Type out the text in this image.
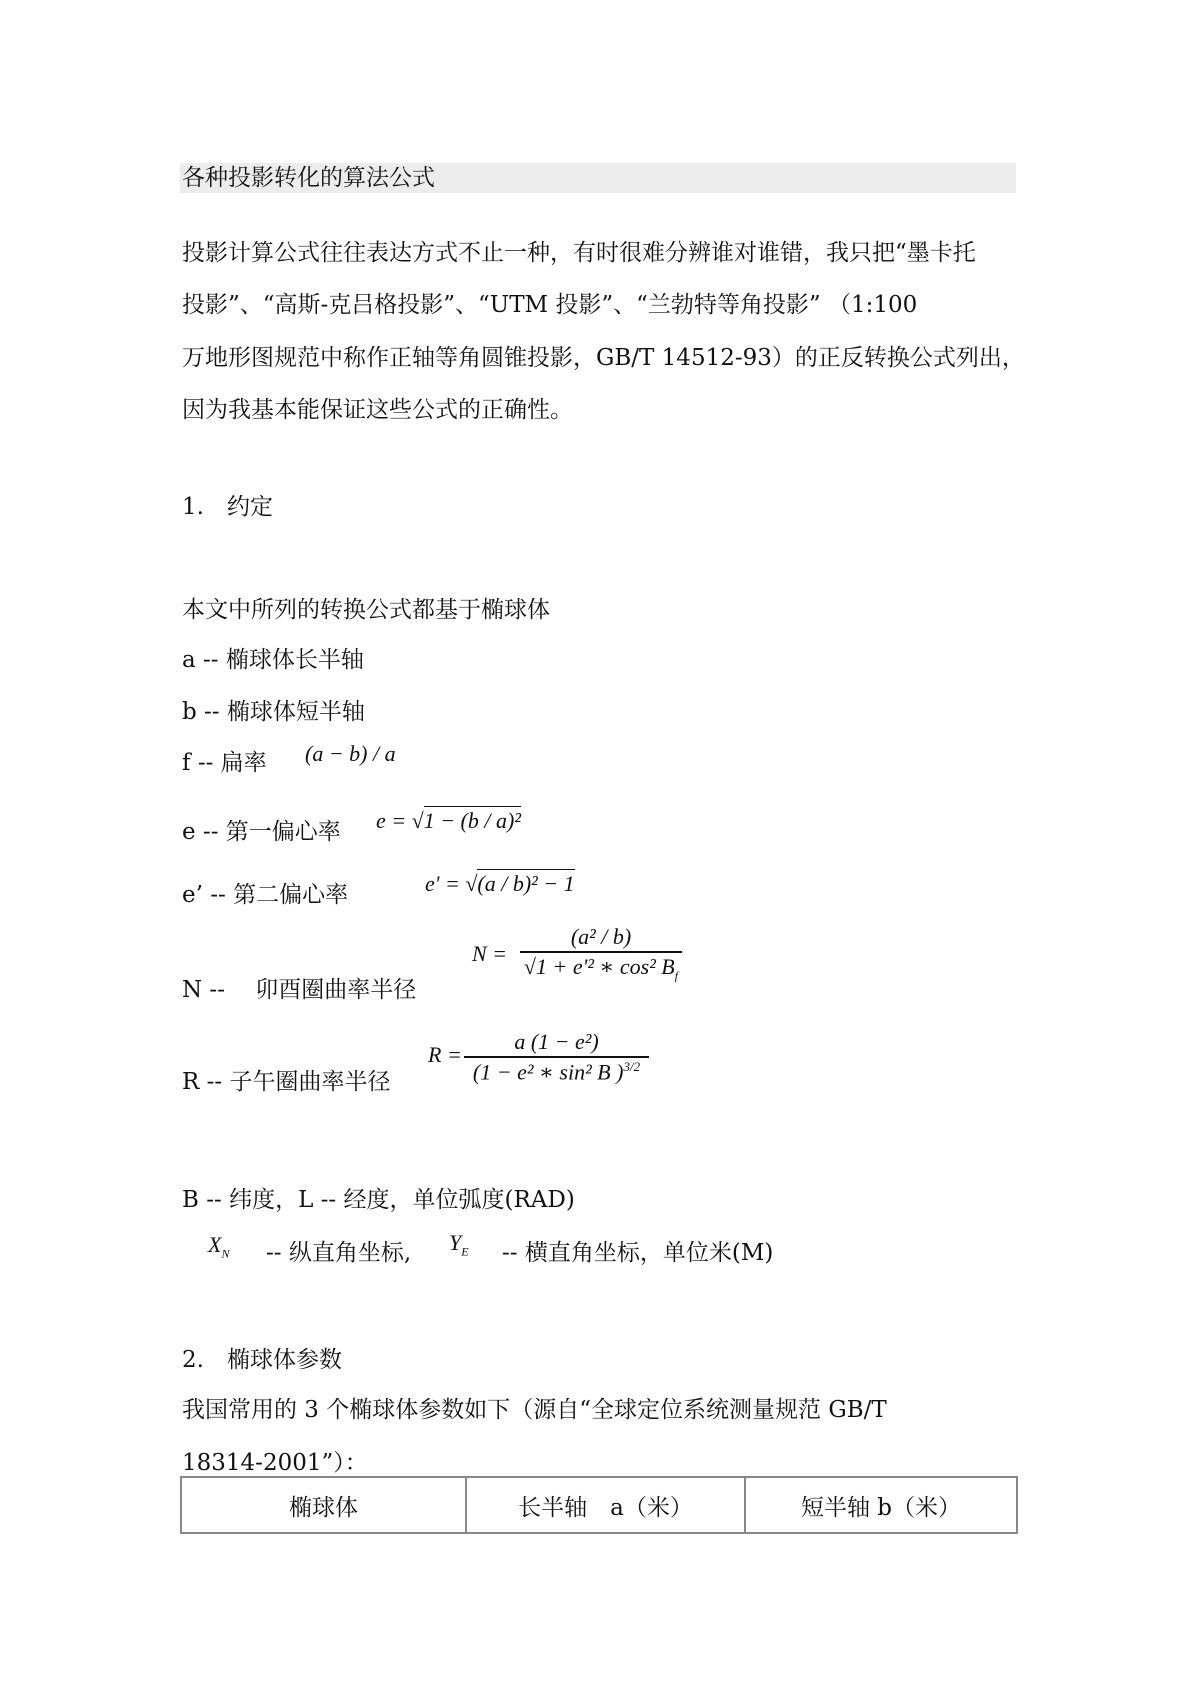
各种投影转化的算法公式
投影计算公式往往表达方式不止一种，有时很难分辨谁对谁错，我只把“墨卡托
投影”、“高斯-克吕格投影”、“UTM 投影”、“兰勃特等角投影” （1:100
万地形图规范中称作正轴等角圆锥投影，GB/T 14512-93）的正反转换公式列出，
因为我基本能保证这些公式的正确性。
1.　约定
本文中所列的转换公式都基于椭球体
a -- 椭球体长半轴
b -- 椭球体短半轴
f -- 扁率 (a − b) / a
e -- 第一偏心率 e = √1 − (b / a)²
e’ -- 第二偏心率	e' = √(a / b)² − 1
N --　 卯酉圈曲率半径
N =
(a² / b)
√1 + e'² ∗ cos² $B_f$
R -- 子午圈曲率半径
R =
a (1 − e²)
(1 − e² ∗ sin² B )$^{3/2}$
B -- 纬度，L -- 经度，单位弧度(RAD)
$X_N$ -- 纵直角坐标, $Y_E$ -- 横直角坐标，单位米(M)
2.　椭球体参数
我国常用的 3 个椭球体参数如下（源自“全球定位系统测量规范 GB/T
18314-2001”）：
椭球体	长半轴　a（米）	短半轴 b（米）
